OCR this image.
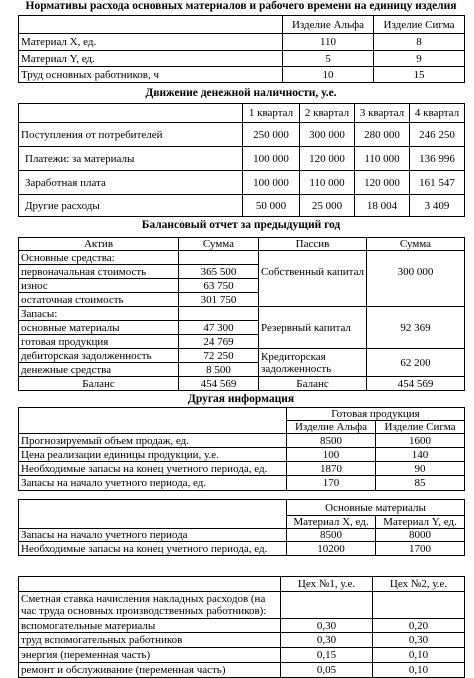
Нормативы расхода основных материалов и рабочего времени на единицу изделия
	Изделие Альфа	Изделие Сигма
Материал X, ед.	110	8
Материал Y, ед.	5	9
Труд основных работников, ч	10	15
Движение денежной наличности, у.е.
	1 квартал	2 квартал	3 квартал	4 квартал
Поступления от потребителей	250 000	300 000	280 000	246 250
Платежи: за материалы	100 000	120 000	110 000	136 996
Заработная плата	100 000	110 000	120 000	161 547
Другие расходы	50 000	25 000	18 004	3 409
Балансовый отчет за предыдущий год
Актив	Сумма	Пассив	Сумма
Основные средства:			
первоначальная стоимость	365 500	Собственный капитал	300 000
износ	63 750		
остаточная стоимость	301 750		
Запасы:			
основные материалы	47 300	Резервный капитал	92 369
готовая продукция	24 769		
дебиторская задолженность	72 250	Кредиторская задолженность	62 200
денежные средства	8 500		
Баланс	454 569	Баланс	454 569
Другая информация
	Готовая продукция	
	Изделие Альфа	Изделие Сигма
Прогнозируемый объем продаж, ед.	8500	1600
Цена реализации единицы продукции, у.е.	100	140
Необходимые запасы на конец учетного периода, ед.	1870	90
Запасы на начало учетного периода, ед.	170	85
	Основные материалы	
	Материал X, ед.	Материал Y, ед.
Запасы на начало учетного периода	8500	8000
Необходимые запасы на конец учетного периода, ед.	10200	1700
	Цех №1, у.е.	Цех №2, у.е.
Сметная ставка начисления накладных расходов (на час труда основных производственных работников):		
вспомогательные материалы	0,30	0,20
труд вспомогательных работников	0,30	0,30
энергия (переменная часть)	0,15	0,10
ремонт и обслуживание (переменная часть)	0,05	0,10
